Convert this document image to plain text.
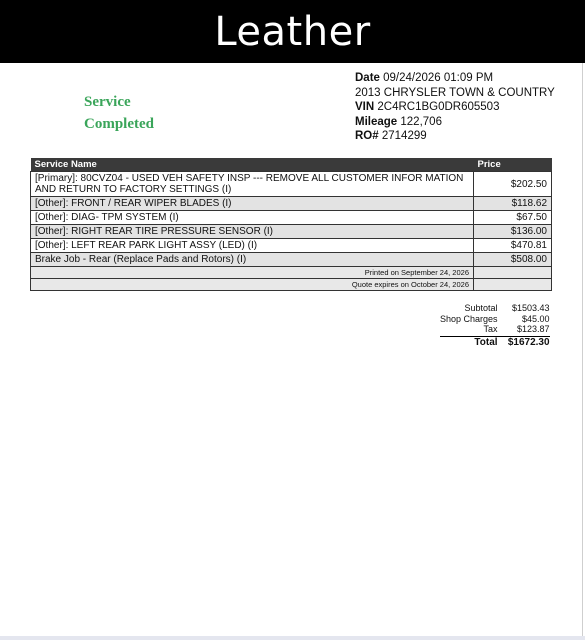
Leather
Service
Completed
Date 09/24/2026 01:09 PM
2013 CHRYSLER TOWN & COUNTRY
VIN 2C4RC1BG0DR605503
Mileage 122,706
RO# 2714299
Service Name	Price
[Primary]: 80CVZ04 - USED VEH SAFETY INSP --- REMOVE ALL CUSTOMER INFOR MATION AND RETURN TO FACTORY SETTINGS (I)	$202.50
[Other]: FRONT / REAR WIPER BLADES (I)	$118.62
[Other]: DIAG- TPM SYSTEM (I)	$67.50
[Other]: RIGHT REAR TIRE PRESSURE SENSOR (I)	$136.00
[Other]: LEFT REAR PARK LIGHT ASSY (LED) (I)	$470.81
Brake Job - Rear (Replace Pads and Rotors) (I)	$508.00
Printed on September 24, 2026	
Quote expires on October 24, 2026	
Subtotal	$1503.43
Shop Charges	$45.00
Tax	$123.87
Total	$1672.30
